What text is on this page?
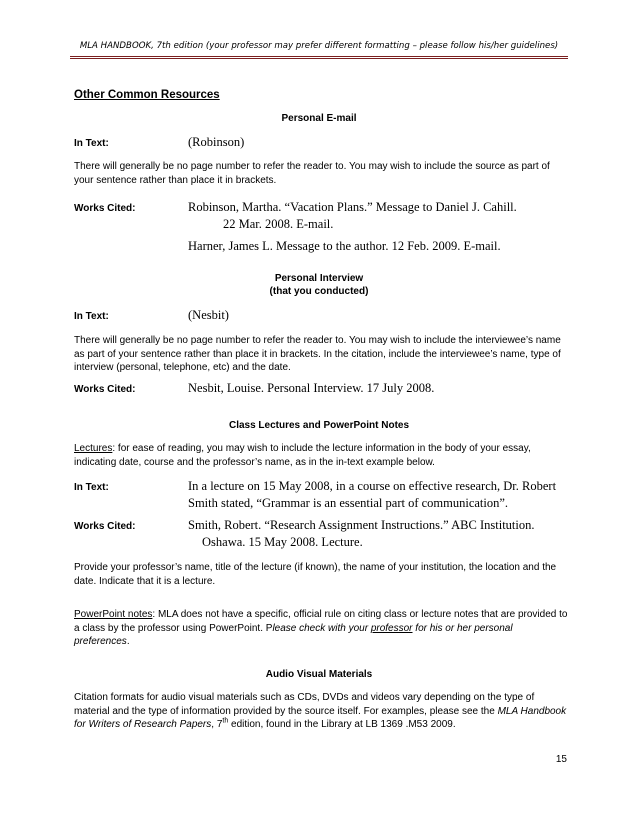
MLA HANDBOOK, 7th edition (your professor may prefer different formatting – please follow his/her guidelines)
Other Common Resources
Personal E-mail
In Text:	(Robinson)
There will generally be no page number to refer the reader to. You may wish to include the source as part of your sentence rather than place it in brackets.
Works Cited:	Robinson, Martha. “Vacation Plans.” Message to Daniel J. Cahill.
22 Mar. 2008. E-mail.
Harner, James L. Message to the author. 12 Feb. 2009. E-mail.
Personal Interview
(that you conducted)
In Text:	(Nesbit)
There will generally be no page number to refer the reader to. You may wish to include the interviewee’s name as part of your sentence rather than place it in brackets. In the citation, include the interviewee’s name, type of interview (personal, telephone, etc) and the date.
Works Cited:	Nesbit, Louise. Personal Interview. 17 July 2008.
Class Lectures and PowerPoint Notes
Lectures: for ease of reading, you may wish to include the lecture information in the body of your essay, indicating date, course and the professor’s name, as in the in-text example below.
In Text:	In a lecture on 15 May 2008, in a course on effective research, Dr. Robert
Smith stated, “Grammar is an essential part of communication”.
Works Cited:	Smith, Robert. “Research Assignment Instructions.” ABC Institution.
Oshawa. 15 May 2008. Lecture.
Provide your professor’s name, title of the lecture (if known), the name of your institution, the location and the date. Indicate that it is a lecture.
PowerPoint notes: MLA does not have a specific, official rule on citing class or lecture notes that are provided to a class by the professor using PowerPoint. Please check with your professor for his or her personal preferences.
Audio Visual Materials
Citation formats for audio visual materials such as CDs, DVDs and videos vary depending on the type of material and the type of information provided by the source itself. For examples, please see the MLA Handbook for Writers of Research Papers, 7th edition, found in the Library at LB 1369 .M53 2009.
15
